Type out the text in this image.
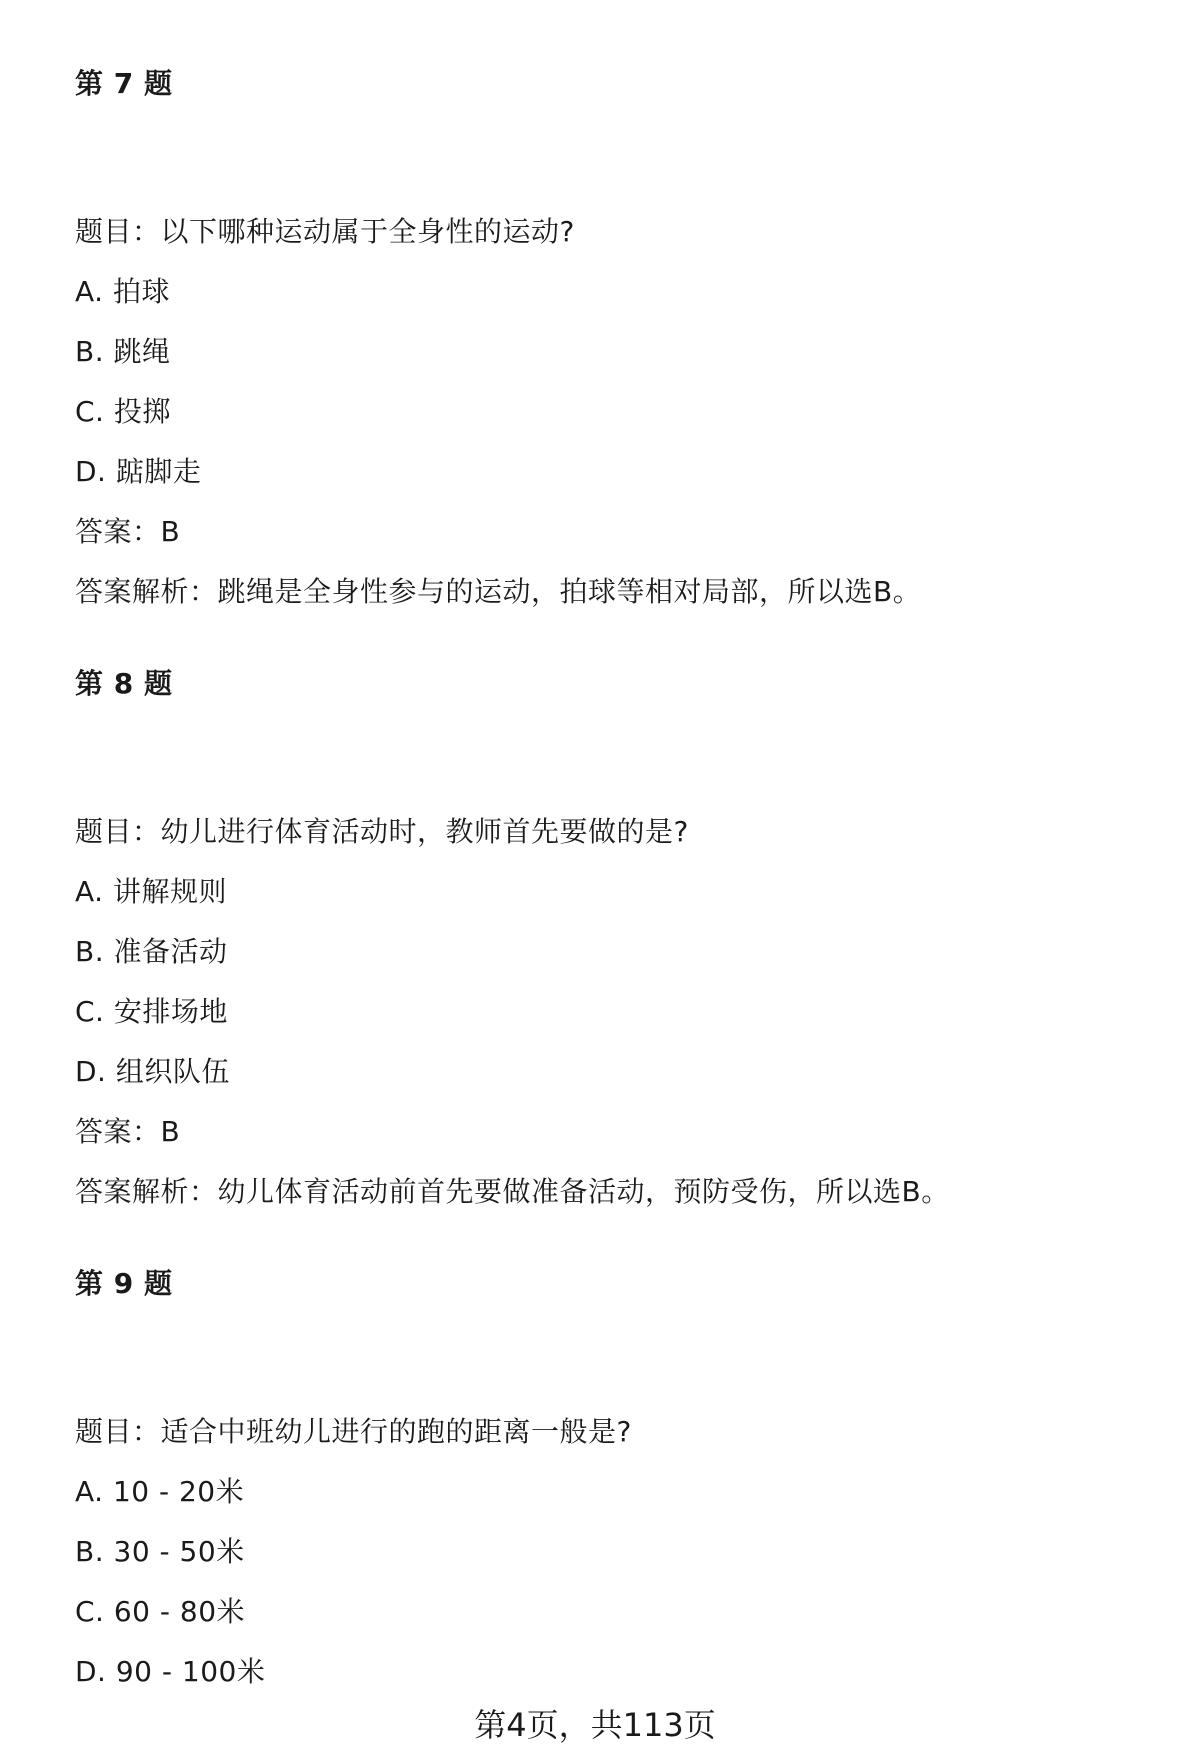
第 7 题
题目：以下哪种运动属于全身性的运动?
A. 拍球
B. 跳绳
C. 投掷
D. 踮脚走
答案：B
答案解析：跳绳是全身性参与的运动，拍球等相对局部，所以选B。
第 8 题
题目：幼儿进行体育活动时，教师首先要做的是?
A. 讲解规则
B. 准备活动
C. 安排场地
D. 组织队伍
答案：B
答案解析：幼儿体育活动前首先要做准备活动，预防受伤，所以选B。
第 9 题
题目：适合中班幼儿进行的跑的距离一般是?
A. 10 - 20米
B. 30 - 50米
C. 60 - 80米
D. 90 - 100米
第4页，共113页
